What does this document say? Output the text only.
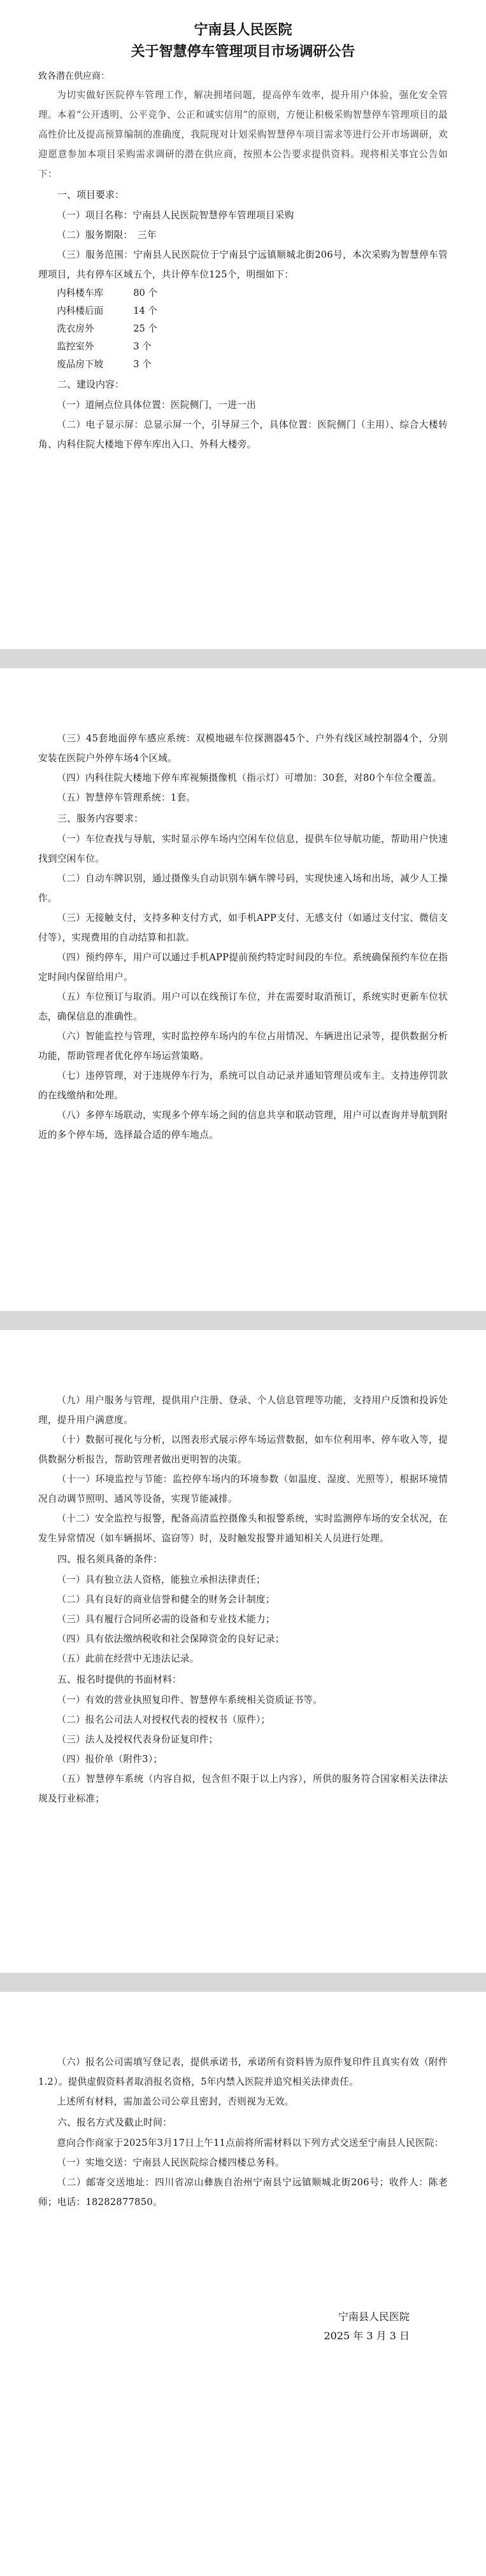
宁南县人民医院

关于智慧停车管理项目市场调研公告

致各潜在供应商：

为切实做好医院停车管理工作，解决拥堵问题，提高停车效率，提升用户体验，强化安全管理。本着“公开透明、公平竞争、公正和诚实信用”的原则，方便让积极采购智慧停车管理项目的最高性价比及提高预算编制的准确度，我院现对计划采购智慧停车项目需求等进行公开市场调研，欢迎愿意参加本项目采购需求调研的潜在供应商，按照本公告要求提供资料。现将相关事宜公告如下：

一、项目要求：

（一）项目名称：宁南县人民医院智慧停车管理项目采购

（二）服务期限：　三年

（三）服务范围：宁南县人民医院位于宁南县宁远镇顺城北街206号，本次采购为智慧停车管理项目，共有停车区域五个，共计停车位125个，明细如下：

内科楼车库	80 个
内科楼后面	14 个
洗衣房外	25 个
监控室外	3 个
废品房下坡	3 个

二、建设内容：

（一）道闸点位具体位置：医院侧门，一进一出

（二）电子显示屏：总显示屏一个，引导屏三个，具体位置：医院侧门（主用）、综合大楼转角、内科住院大楼地下停车库出入口、外科大楼旁。

（三）45套地面停车感应系统：双模地磁车位探测器45个、户外有线区域控制器4个，分别安装在医院户外停车场4个区域。

（四）内科住院大楼地下停车库视频摄像机（指示灯）可增加：30套，对80个车位全覆盖。

（五）智慧停车管理系统：1套。

三、服务内容要求：

（一）车位查找与导航，实时显示停车场内空闲车位信息，提供车位导航功能，帮助用户快速找到空闲车位。

（二）自动车牌识别，通过摄像头自动识别车辆车牌号码，实现快速入场和出场，减少人工操作。

（三）无接触支付，支持多种支付方式，如手机APP支付、无感支付（如通过支付宝、微信支付等），实现费用的自动结算和扣款。

（四）预约停车，用户可以通过手机APP提前预约特定时间段的车位。系统确保预约车位在指定时间内保留给用户。

（五）车位预订与取消。用户可以在线预订车位，并在需要时取消预订，系统实时更新车位状态，确保信息的准确性。

（六）智能监控与管理，实时监控停车场内的车位占用情况、车辆进出记录等，提供数据分析功能，帮助管理者优化停车场运营策略。

（七）违停管理，对于违规停车行为，系统可以自动记录并通知管理员或车主。支持违停罚款的在线缴纳和处理。

（八）多停车场联动，实现多个停车场之间的信息共享和联动管理，用户可以查询并导航到附近的多个停车场，选择最合适的停车地点。

（九）用户服务与管理，提供用户注册、登录、个人信息管理等功能，支持用户反馈和投诉处理，提升用户满意度。

（十）数据可视化与分析，以图表形式展示停车场运营数据，如车位利用率、停车收入等，提供数据分析报告，帮助管理者做出更明智的决策。

（十一）环境监控与节能：监控停车场内的环境参数（如温度、湿度、光照等），根据环境情况自动调节照明、通风等设备，实现节能减排。

（十二）安全监控与报警，配备高清监控摄像头和报警系统，实时监测停车场的安全状况，在发生异常情况（如车辆损坏、盗窃等）时，及时触发报警并通知相关人员进行处理。

四、报名须具备的条件：

（一）具有独立法人资格，能独立承担法律责任；

（二）具有良好的商业信誉和健全的财务会计制度；

（三）具有履行合同所必需的设备和专业技术能力；

（四）具有依法缴纳税收和社会保障资金的良好记录；

（五）此前在经营中无违法记录。

五、报名时提供的书面材料：

（一）有效的营业执照复印件、智慧停车系统相关资质证书等。

（二）报名公司法人对授权代表的授权书（原件）；

（三）法人及授权代表身份证复印件；

（四）报价单（附件3）；

（五）智慧停车系统（内容自拟，包含但不限于以上内容），所供的服务符合国家相关法律法规及行业标准；

（六）报名公司需填写登记表，提供承诺书，承诺所有资料皆为原件复印件且真实有效（附件1.2）。提供虚假资料者取消报名资格，5年内禁入医院并追究相关法律责任。

上述所有材料，需加盖公司公章且密封，否则视为无效。

六、报名方式及截止时间：

意向合作商家于2025年3月17日上午11点前将所需材料以下列方式交送至宁南县人民医院：

（一）实地交送：宁南县人民医院综合楼四楼总务科。

（二）邮寄交送地址：四川省凉山彝族自治州宁南县宁远镇顺城北街206号；收件人：陈老师；电话：18282877850。

宁南县人民医院

2025 年 3 月 3 日
